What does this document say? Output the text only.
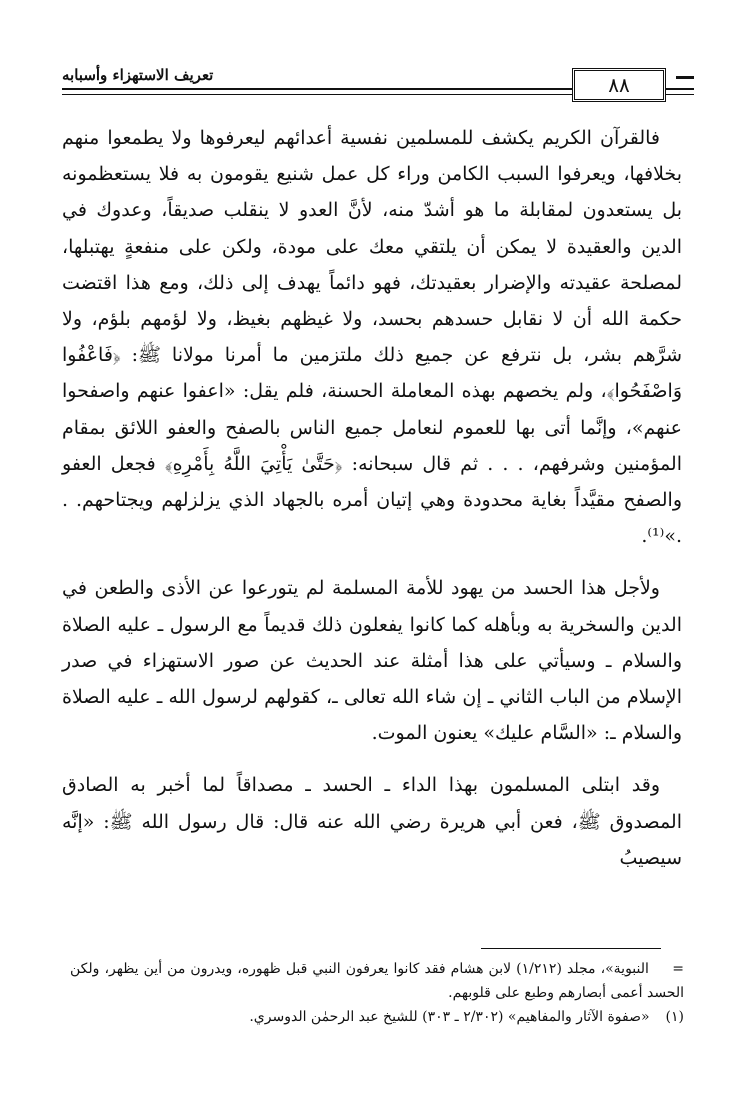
تعريف الاستهزاء وأسبابه	٨٨

فالقرآن الكريم يكشف للمسلمين نفسية أعدائهم ليعرفوها ولا يطمعوا منهم بخلافها، ويعرفوا السبب الكامن وراء كل عمل شنيع يقومون به فلا يستعظمونه بل يستعدون لمقابلة ما هو أشدّ منه، لأنَّ العدو لا ينقلب صديقاً، وعدوك في الدين والعقيدة لا يمكن أن يلتقي معك على مودة، ولكن على منفعةٍ يهتبلها، لمصلحة عقيدته والإضرار بعقيدتك، فهو دائماً يهدف إلى ذلك، ومع هذا اقتضت حكمة الله أن لا نقابل حسدهم بحسد، ولا غيظهم بغيظ، ولا لؤمهم بلؤم، ولا شرَّهم بشر، بل نترفع عن جميع ذلك ملتزمين ما أمرنا مولانا ﷺ: ﴿فَاعْفُوا وَاصْفَحُوا﴾، ولم يخصهم بهذه المعاملة الحسنة، فلم يقل: «اعفوا عنهم واصفحوا عنهم»، وإنَّما أتى بها للعموم لنعامل جميع الناس بالصفح والعفو اللائق بمقام المؤمنين وشرفهم، . . . ثم قال سبحانه: ﴿حَتَّىٰ يَأْتِيَ اللَّهُ بِأَمْرِهِ﴾ فجعل العفو والصفح مقيَّداً بغاية محدودة وهي إتيان أمره بالجهاد الذي يزلزلهم ويجتاحهم. . .»⁽¹⁾.

ولأجل هذا الحسد من يهود للأمة المسلمة لم يتورعوا عن الأذى والطعن في الدين والسخرية به وبأهله كما كانوا يفعلون ذلك قديماً مع الرسول ـ عليه الصلاة والسلام ـ وسيأتي على هذا أمثلة عند الحديث عن صور الاستهزاء في صدر الإسلام من الباب الثاني ـ إن شاء الله تعالى ـ، كقولهم لرسول الله ـ عليه الصلاة والسلام ـ: «السَّام عليك» يعنون الموت.

وقد ابتلى المسلمون بهذا الداء ـ الحسد ـ مصداقاً لما أخبر به الصادق المصدوق ﷺ، فعن أبي هريرة رضي الله عنه قال: قال رسول الله ﷺ: «إنَّه سيصيبُ

= النبوية»، مجلد (١/٢١٢) لابن هشام فقد كانوا يعرفون النبي قبل ظهوره، ويدرون من أين يظهر، ولكن الحسد أعمى أبصارهم وطبع على قلوبهم.

(١) «صفوة الآثار والمفاهيم» (٢/٣٠٢ ـ ٣٠٣) للشيخ عبد الرحمٰن الدوسري.
